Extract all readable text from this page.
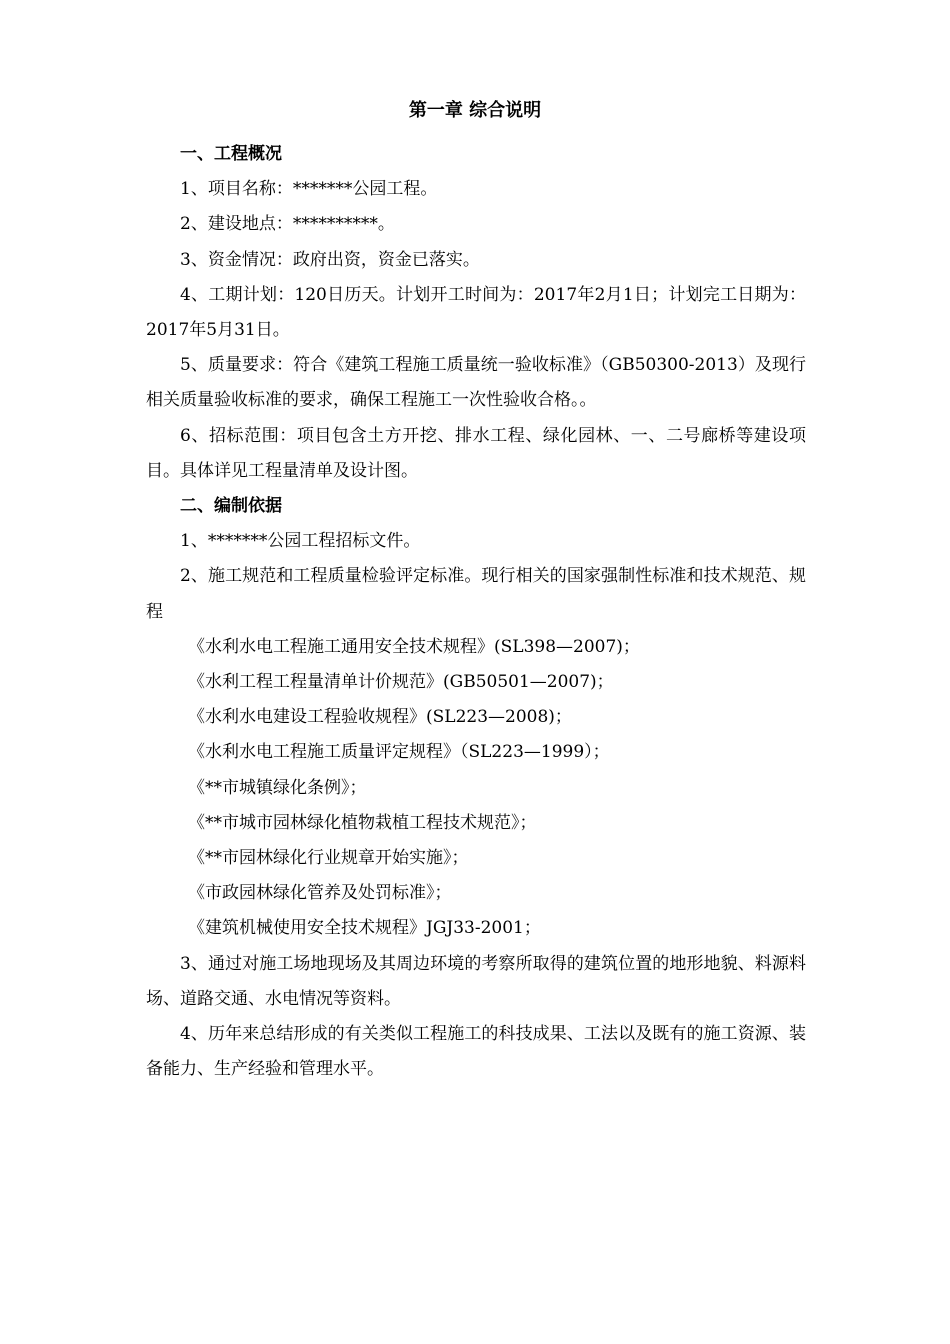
第一章 综合说明

一、工程概况

1、项目名称：*******公园工程。

2、建设地点：**********。

3、资金情况：政府出资，资金已落实。

4、工期计划：120日历天。计划开工时间为：2017年2月1日；计划完工日期为：2017年5月31日。

5、质量要求：符合《建筑工程施工质量统一验收标准》（GB50300-2013）及现行相关质量验收标准的要求，确保工程施工一次性验收合格。。

6、招标范围：项目包含土方开挖、排水工程、绿化园林、一、二号廊桥等建设项目。具体详见工程量清单及设计图。

二、编制依据

1、*******公园工程招标文件。

2、施工规范和工程质量检验评定标准。现行相关的国家强制性标准和技术规范、规程

《水利水电工程施工通用安全技术规程》(SL398—2007)；

《水利工程工程量清单计价规范》(GB50501—2007)；

《水利水电建设工程验收规程》(SL223—2008)；

《水利水电工程施工质量评定规程》（SL223—1999）；

《**市城镇绿化条例》；

《**市城市园林绿化植物栽植工程技术规范》；

《**市园林绿化行业规章开始实施》；

《市政园林绿化管养及处罚标准》；

《建筑机械使用安全技术规程》JGJ33-2001；

3、通过对施工场地现场及其周边环境的考察所取得的建筑位置的地形地貌、料源料场、道路交通、水电情况等资料。

4、历年来总结形成的有关类似工程施工的科技成果、工法以及既有的施工资源、装备能力、生产经验和管理水平。
